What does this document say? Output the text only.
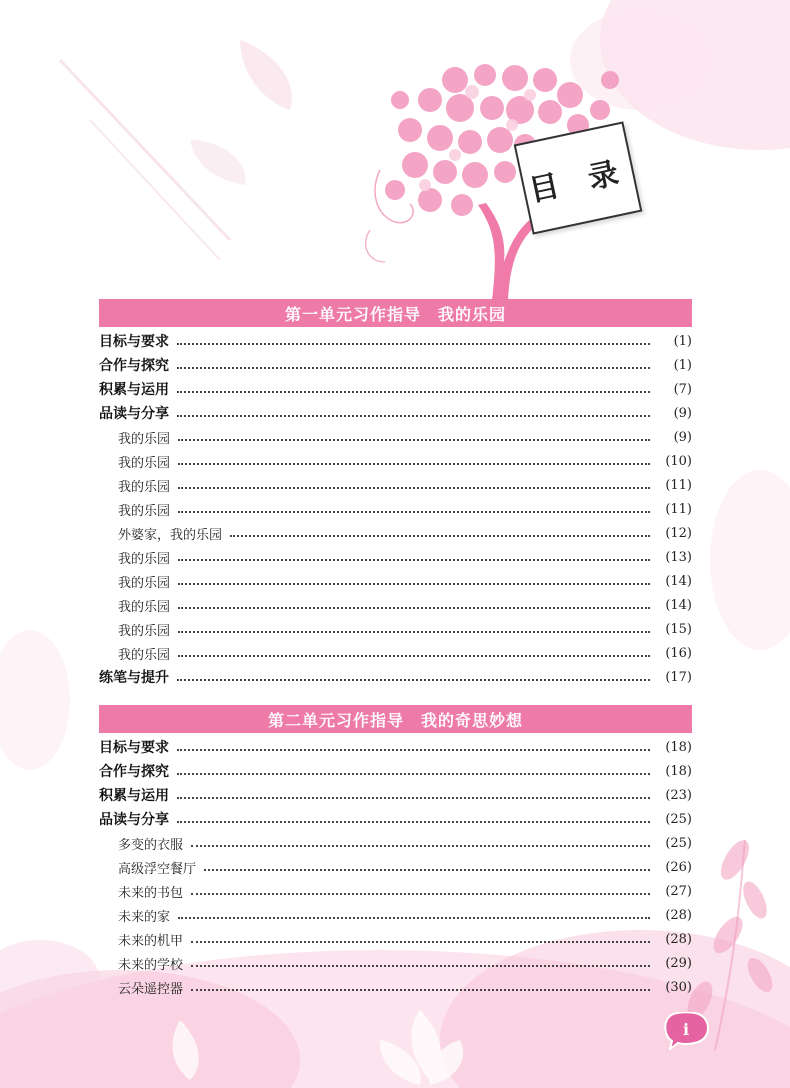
目 录
第一单元习作指导　我的乐园
目标与要求	(1)
合作与探究	(1)
积累与运用	(7)
品读与分享	(9)
我的乐园	(9)
我的乐园	(10)
我的乐园	(11)
我的乐园	(11)
外婆家，我的乐园	(12)
我的乐园	(13)
我的乐园	(14)
我的乐园	(14)
我的乐园	(15)
我的乐园	(16)
练笔与提升	(17)
第二单元习作指导　我的奇思妙想
目标与要求	(18)
合作与探究	(18)
积累与运用	(23)
品读与分享	(25)
多变的衣服	(25)
高级浮空餐厅	(26)
未来的书包	(27)
未来的家	(28)
未来的机甲	(28)
未来的学校	(29)
云朵遥控器	(30)
i
